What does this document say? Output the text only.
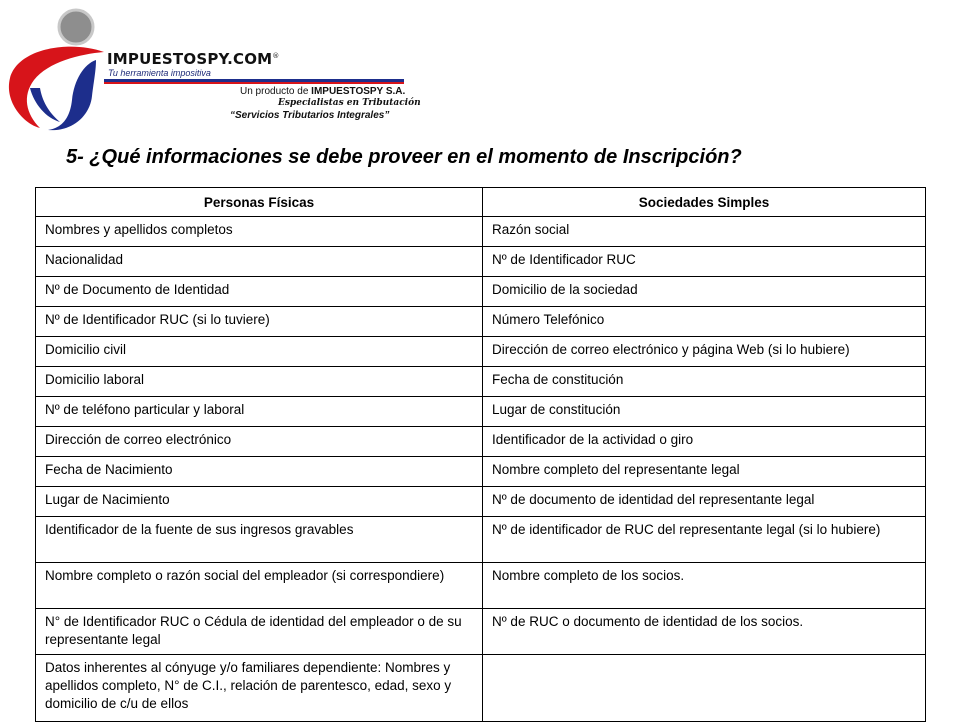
IMPUESTOSPY.COM®
Tu herramienta impositiva
Un producto de IMPUESTOSPY S.A.
Especialistas en Tributación
“Servicios Tributarios Integrales”
5- ¿Qué informaciones se debe proveer en el momento de Inscripción?
Personas Físicas	Sociedades Simples
Nombres y apellidos completos	Razón social
Nacionalidad	Nº de Identificador RUC
Nº de Documento de Identidad	Domicilio de la sociedad
Nº de Identificador RUC (si lo tuviere)	Número Telefónico
Domicilio civil	Dirección de correo electrónico y página Web (si lo hubiere)
Domicilio laboral	Fecha de constitución
Nº de teléfono particular y laboral	Lugar de constitución
Dirección de correo electrónico	Identificador de la actividad o giro
Fecha de Nacimiento	Nombre completo del representante legal
Lugar de Nacimiento	Nº de documento de identidad del representante legal
Identificador de la fuente de sus ingresos gravables	Nº de identificador de RUC del representante legal (si lo hubiere)
Nombre completo o razón social del empleador (si correspondiere)	Nombre completo de los socios.
N° de Identificador RUC o Cédula de identidad del empleador o de su representante legal	Nº de RUC o documento de identidad de los socios.
Datos inherentes al cónyuge y/o familiares dependiente: Nombres y apellidos completo, N° de C.I., relación de parentesco, edad, sexo y domicilio de c/u de ellos	
